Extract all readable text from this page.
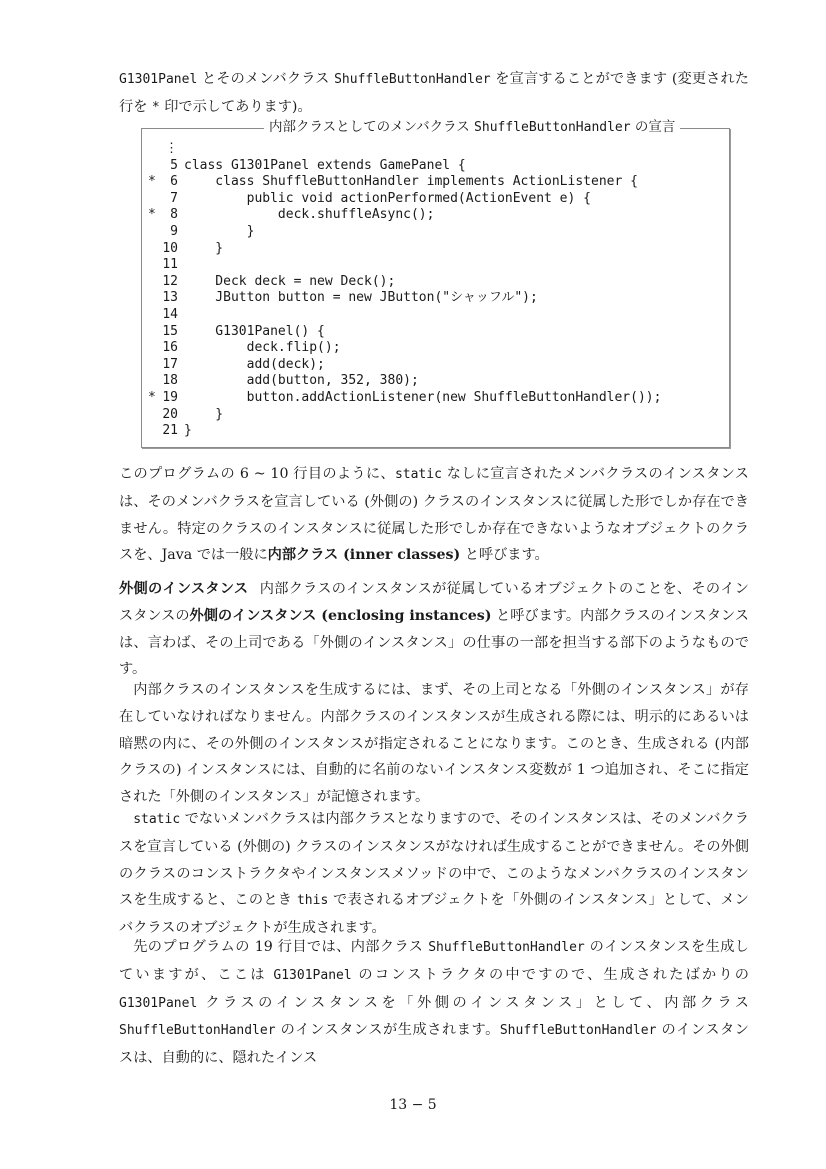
G1301Panel とそのメンバクラス ShuffleButtonHandler を宣言することができます (変更された行を * 印で示してあります)。

内部クラスとしてのメンバクラス ShuffleButtonHandler の宣言
⋮
5 class G1301Panel extends GamePanel {
* 6    class ShuffleButtonHandler implements ActionListener {
7        public void actionPerformed(ActionEvent e) {
* 8            deck.shuffleAsync();
9        }
10    }
11
12    Deck deck = new Deck();
13    JButton button = new JButton("シャッフル");
14
15    G1301Panel() {
16        deck.flip();
17        add(deck);
18        add(button, 352, 380);
* 19        button.addActionListener(new ShuffleButtonHandler());
20    }
21 }

このプログラムの 6 ~ 10 行目のように、static なしに宣言されたメンバクラスのインスタンスは、そのメンバクラスを宣言している (外側の) クラスのインスタンスに従属した形でしか存在できません。特定のクラスのインスタンスに従属した形でしか存在できないようなオブジェクトのクラスを、Java では一般に内部クラス (inner classes) と呼びます。

外側のインスタンス 内部クラスのインスタンスが従属しているオブジェクトのことを、そのインスタンスの外側のインスタンス (enclosing instances) と呼びます。内部クラスのインスタンスは、言わば、その上司である「外側のインスタンス」の仕事の一部を担当する部下のようなものです。

内部クラスのインスタンスを生成するには、まず、その上司となる「外側のインスタンス」が存在していなければなりません。内部クラスのインスタンスが生成される際には、明示的にあるいは暗黙の内に、その外側のインスタンスが指定されることになります。このとき、生成される (内部クラスの) インスタンスには、自動的に名前のないインスタンス変数が 1 つ追加され、そこに指定された「外側のインスタンス」が記憶されます。

static でないメンバクラスは内部クラスとなりますので、そのインスタンスは、そのメンバクラスを宣言している (外側の) クラスのインスタンスがなければ生成することができません。その外側のクラスのコンストラクタやインスタンスメソッドの中で、このようなメンバクラスのインスタンスを生成すると、このとき this で表されるオブジェクトを「外側のインスタンス」として、メンバクラスのオブジェクトが生成されます。

先のプログラムの 19 行目では、内部クラス ShuffleButtonHandler のインスタンスを生成していますが、ここは G1301Panel のコンストラクタの中ですので、生成されたばかりの G1301Panel クラスのインスタンスを「外側のインスタンス」として、内部クラス ShuffleButtonHandler のインスタンスが生成されます。ShuffleButtonHandler のインスタンスは、自動的に、隠れたインス

13 − 5
